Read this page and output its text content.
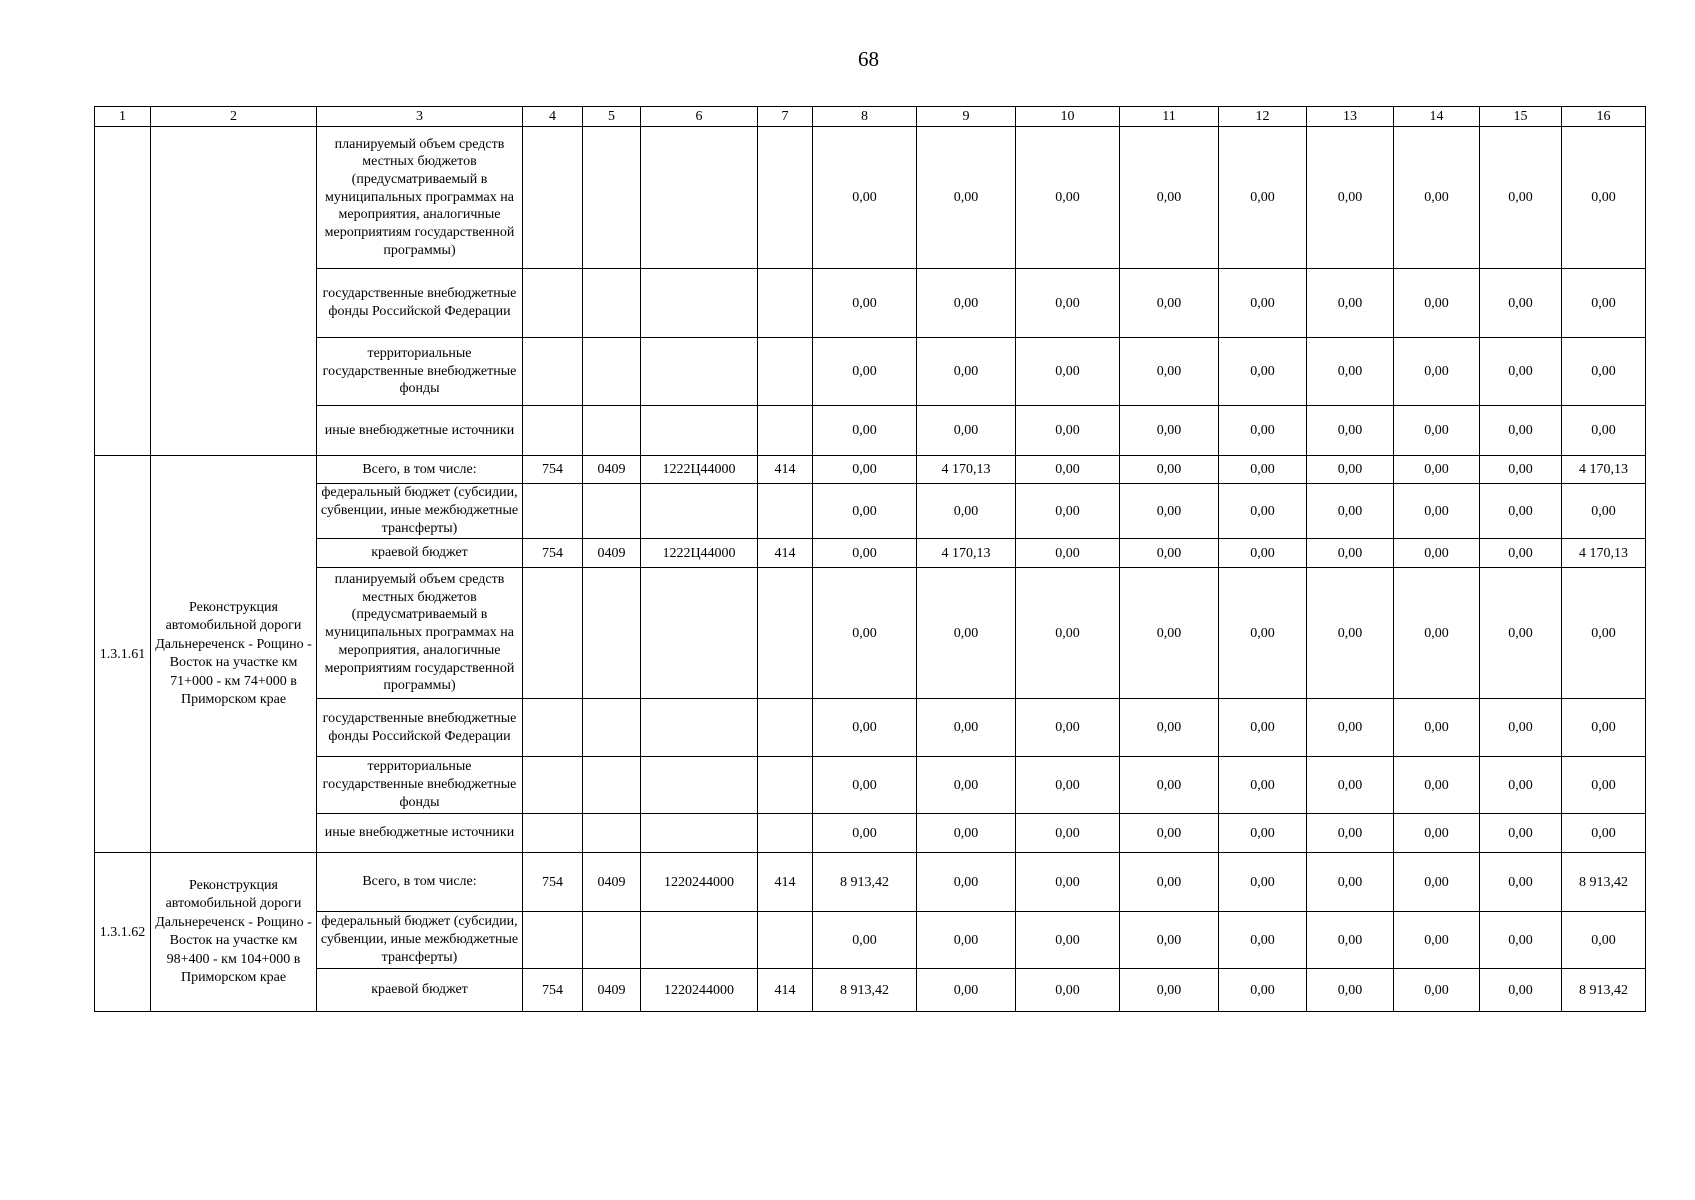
68
1	2	3	4	5	6	7	8	9	10	11	12	13	14	15	16
		планируемый объем средств местных бюджетов (предусматриваемый в муниципальных программах на мероприятия, аналогичные мероприятиям государственной программы)					0,00	0,00	0,00	0,00	0,00	0,00	0,00	0,00	0,00
		государственные внебюджетные фонды Российской Федерации					0,00	0,00	0,00	0,00	0,00	0,00	0,00	0,00	0,00
		территориальные государственные внебюджетные фонды					0,00	0,00	0,00	0,00	0,00	0,00	0,00	0,00	0,00
		иные внебюджетные источники					0,00	0,00	0,00	0,00	0,00	0,00	0,00	0,00	0,00
1.3.1.61	Реконструкция автомобильной дороги Дальнереченск - Рощино - Восток на участке км 71+000 - км 74+000 в Приморском крае	Всего, в том числе:	754	0409	1222Ц44000	414	0,00	4 170,13	0,00	0,00	0,00	0,00	0,00	0,00	4 170,13
		федеральный бюджет (субсидии, субвенции, иные межбюджетные трансферты)					0,00	0,00	0,00	0,00	0,00	0,00	0,00	0,00	0,00
		краевой бюджет	754	0409	1222Ц44000	414	0,00	4 170,13	0,00	0,00	0,00	0,00	0,00	0,00	4 170,13
		планируемый объем средств местных бюджетов (предусматриваемый в муниципальных программах на мероприятия, аналогичные мероприятиям государственной программы)					0,00	0,00	0,00	0,00	0,00	0,00	0,00	0,00	0,00
		государственные внебюджетные фонды Российской Федерации					0,00	0,00	0,00	0,00	0,00	0,00	0,00	0,00	0,00
		территориальные государственные внебюджетные фонды					0,00	0,00	0,00	0,00	0,00	0,00	0,00	0,00	0,00
		иные внебюджетные источники					0,00	0,00	0,00	0,00	0,00	0,00	0,00	0,00	0,00
1.3.1.62	Реконструкция автомобильной дороги Дальнереченск - Рощино - Восток на участке км 98+400 - км 104+000 в Приморском крае	Всего, в том числе:	754	0409	1220244000	414	8 913,42	0,00	0,00	0,00	0,00	0,00	0,00	0,00	8 913,42
		федеральный бюджет (субсидии, субвенции, иные межбюджетные трансферты)					0,00	0,00	0,00	0,00	0,00	0,00	0,00	0,00	0,00
		краевой бюджет	754	0409	1220244000	414	8 913,42	0,00	0,00	0,00	0,00	0,00	0,00	0,00	8 913,42
